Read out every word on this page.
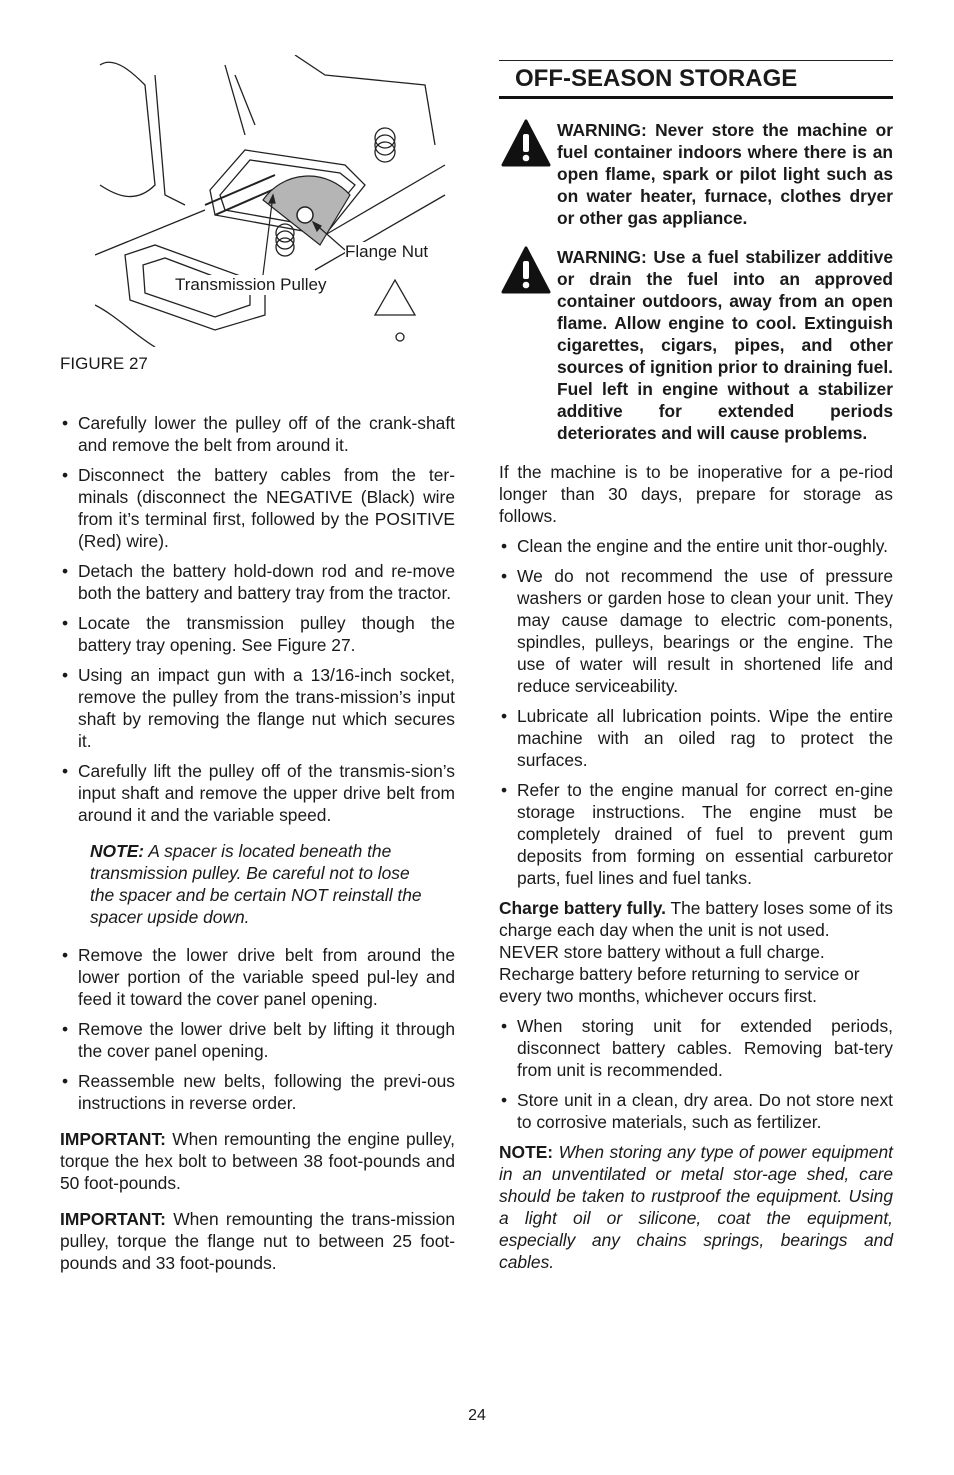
Flange Nut
Transmission Pulley
FIGURE 27
• Carefully lower the pulley off of the crank-shaft and remove the belt from around it.
• Disconnect the battery cables from the ter-minals (disconnect the NEGATIVE (Black) wire from it’s terminal first, followed by the POSITIVE (Red) wire).
• Detach the battery hold-down rod and re-move both the battery and battery tray from the tractor.
• Locate the transmission pulley though the battery tray opening. See Figure 27.
• Using an impact gun with a 13/16-inch socket, remove the pulley from the trans-mission’s input shaft by removing the flange nut which secures it.
• Carefully lift the pulley off of the transmis-sion’s input shaft and remove the upper drive belt from around it and the variable speed.

NOTE: A spacer is located beneath the transmission pulley. Be careful not to lose the spacer and be certain NOT reinstall the spacer upside down.

• Remove the lower drive belt from around the lower portion of the variable speed pul-ley and feed it toward the cover panel opening.
• Remove the lower drive belt by lifting it through the cover panel opening.
• Reassemble new belts, following the previ-ous instructions in reverse order.

IMPORTANT: When remounting the engine pulley, torque the hex bolt to between 38 foot-pounds and 50 foot-pounds.

IMPORTANT: When remounting the trans-mission pulley, torque the flange nut to between 25 foot-pounds and 33 foot-pounds.

OFF-SEASON STORAGE
WARNING: Never store the machine or fuel container indoors where there is an open flame, spark or pilot light such as on water heater, furnace, clothes dryer or other gas appliance.
WARNING: Use a fuel stabilizer additive or drain the fuel into an approved container outdoors, away from an open flame. Allow engine to cool. Extinguish cigarettes, cigars, pipes, and other sources of ignition prior to draining fuel. Fuel left in engine without a stabilizer additive for extended periods deteriorates and will cause problems.

If the machine is to be inoperative for a pe-riod longer than 30 days, prepare for storage as follows.

• Clean the engine and the entire unit thor-oughly.
• We do not recommend the use of pressure washers or garden hose to clean your unit. They may cause damage to electric com-ponents, spindles, pulleys, bearings or the engine. The use of water will result in shortened life and reduce serviceability.
• Lubricate all lubrication points. Wipe the entire machine with an oiled rag to protect the surfaces.
• Refer to the engine manual for correct en-gine storage instructions. The engine must be completely drained of fuel to prevent gum deposits from forming on essential carburetor parts, fuel lines and fuel tanks.

Charge battery fully. The battery loses some of its charge each day when the unit is not used.

NEVER store battery without a full charge. Recharge battery before returning to service or every two months, whichever occurs first.

• When storing unit for extended periods, disconnect battery cables. Removing bat-tery from unit is recommended.
• Store unit in a clean, dry area. Do not store next to corrosive materials, such as fertilizer.

NOTE: When storing any type of power equipment in an unventilated or metal stor-age shed, care should be taken to rustproof the equipment. Using a light oil or silicone, coat the equipment, especially any chains springs, bearings and cables.

24
